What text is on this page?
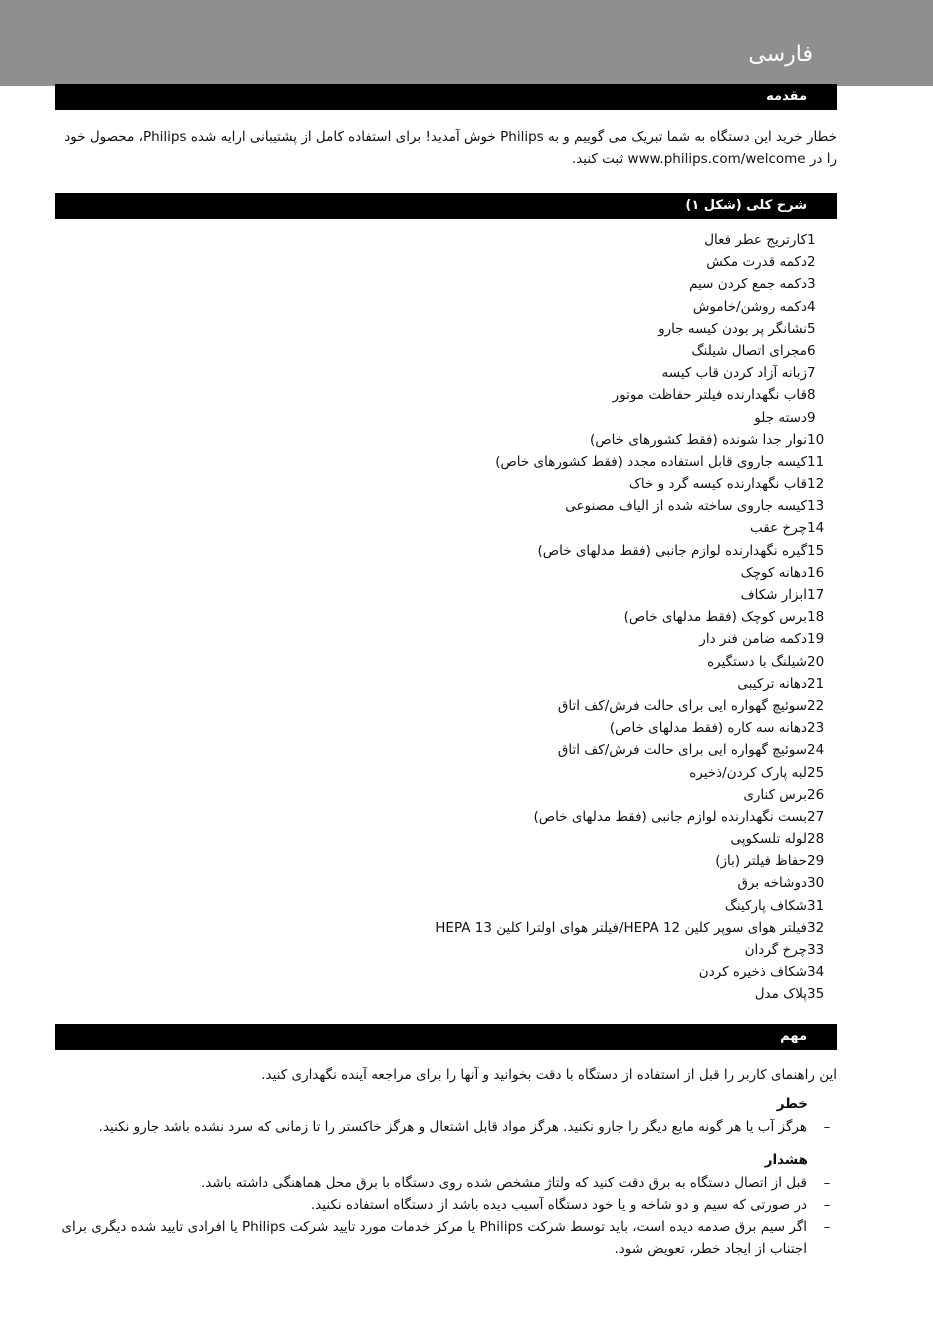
فارسی
مقدمه
خطار خرید این دستگاه به شما تبریک می گوییم و به Philips خوش آمدید! برای استفاده کامل از پشتیبانی ارایه شده Philips، محصول خود را در www.philips.com/welcome ثبت کنید.
شرح کلی (شکل ۱)
1
کارتریج عطر فعال
2
دکمه قدرت مکش
3
دکمه جمع کردن سیم
4
دکمه روشن/خاموش
5
نشانگر پر بودن کیسه جارو
6
مجرای اتصال شیلنگ
7
زبانه آزاد کردن قاب کیسه
8
قاب نگهدارنده فیلتر حفاظت موتور
9
دسته جلو
10
نوار جدا شونده (فقط کشورهای خاص)
11
کیسه جاروی قابل استفاده مجدد (فقط کشورهای خاص)
12
قاب نگهدارنده کیسه گرد و خاک
13
کیسه جاروی ساخته شده از الیاف مصنوعی
14
چرخ عقب
15
گیره نگهدارنده لوازم جانبی (فقط مدلهای خاص)
16
دهانه کوچک
17
ابزار شکاف
18
برس کوچک (فقط مدلهای خاص)
19
دکمه ضامن فنر دار
20
شیلنگ با دستگیره
21
دهانه ترکیبی
22
سوئیچ گهواره ایی برای حالت فرش/کف اتاق
23
دهانه سه کاره (فقط مدلهای خاص)
24
سوئیچ گهواره ایی برای حالت فرش/کف اتاق
25
لبه پارک کردن/ذخیره
26
برس کناری
27
بست نگهدارنده لوازم جانبی (فقط مدلهای خاص)
28
لوله تلسکوپی
29
حفاظ فیلتر (باز)
30
دوشاخه برق
31
شکاف پارکینگ
32
فیلتر هوای سوپر کلین HEPA 12/فیلتر هوای اولترا کلین HEPA 13
33
چرخ گردان
34
شکاف ذخیره کردن
35
پلاک مدل
مهم
این راهنمای کاربر را قبل از استفاده از دستگاه با دقت بخوانید و آنها را برای مراجعه آینده نگهداری کنید.
خطر
–
هرگز آب یا هر گونه مایع دیگر را جارو نکنید. هرگز مواد قابل اشتعال و هرگز خاکستر را تا زمانی که سرد نشده باشد جارو نکنید.
هشدار
–
قبل از اتصال دستگاه به برق دقت کنید که ولتاژ مشخص شده روی دستگاه با برق محل هماهنگی داشته باشد.
–
در صورتی که سیم و دو شاخه و یا خود دستگاه آسیب دیده باشد از دستگاه استفاده نکنید.
–
اگر سیم برق صدمه دیده است، باید توسط شرکت Philips یا مرکز خدمات مورد تایید شرکت Philips یا افرادی تایید شده دیگری برای اجتناب از ایجاد خطر، تعویض شود.
